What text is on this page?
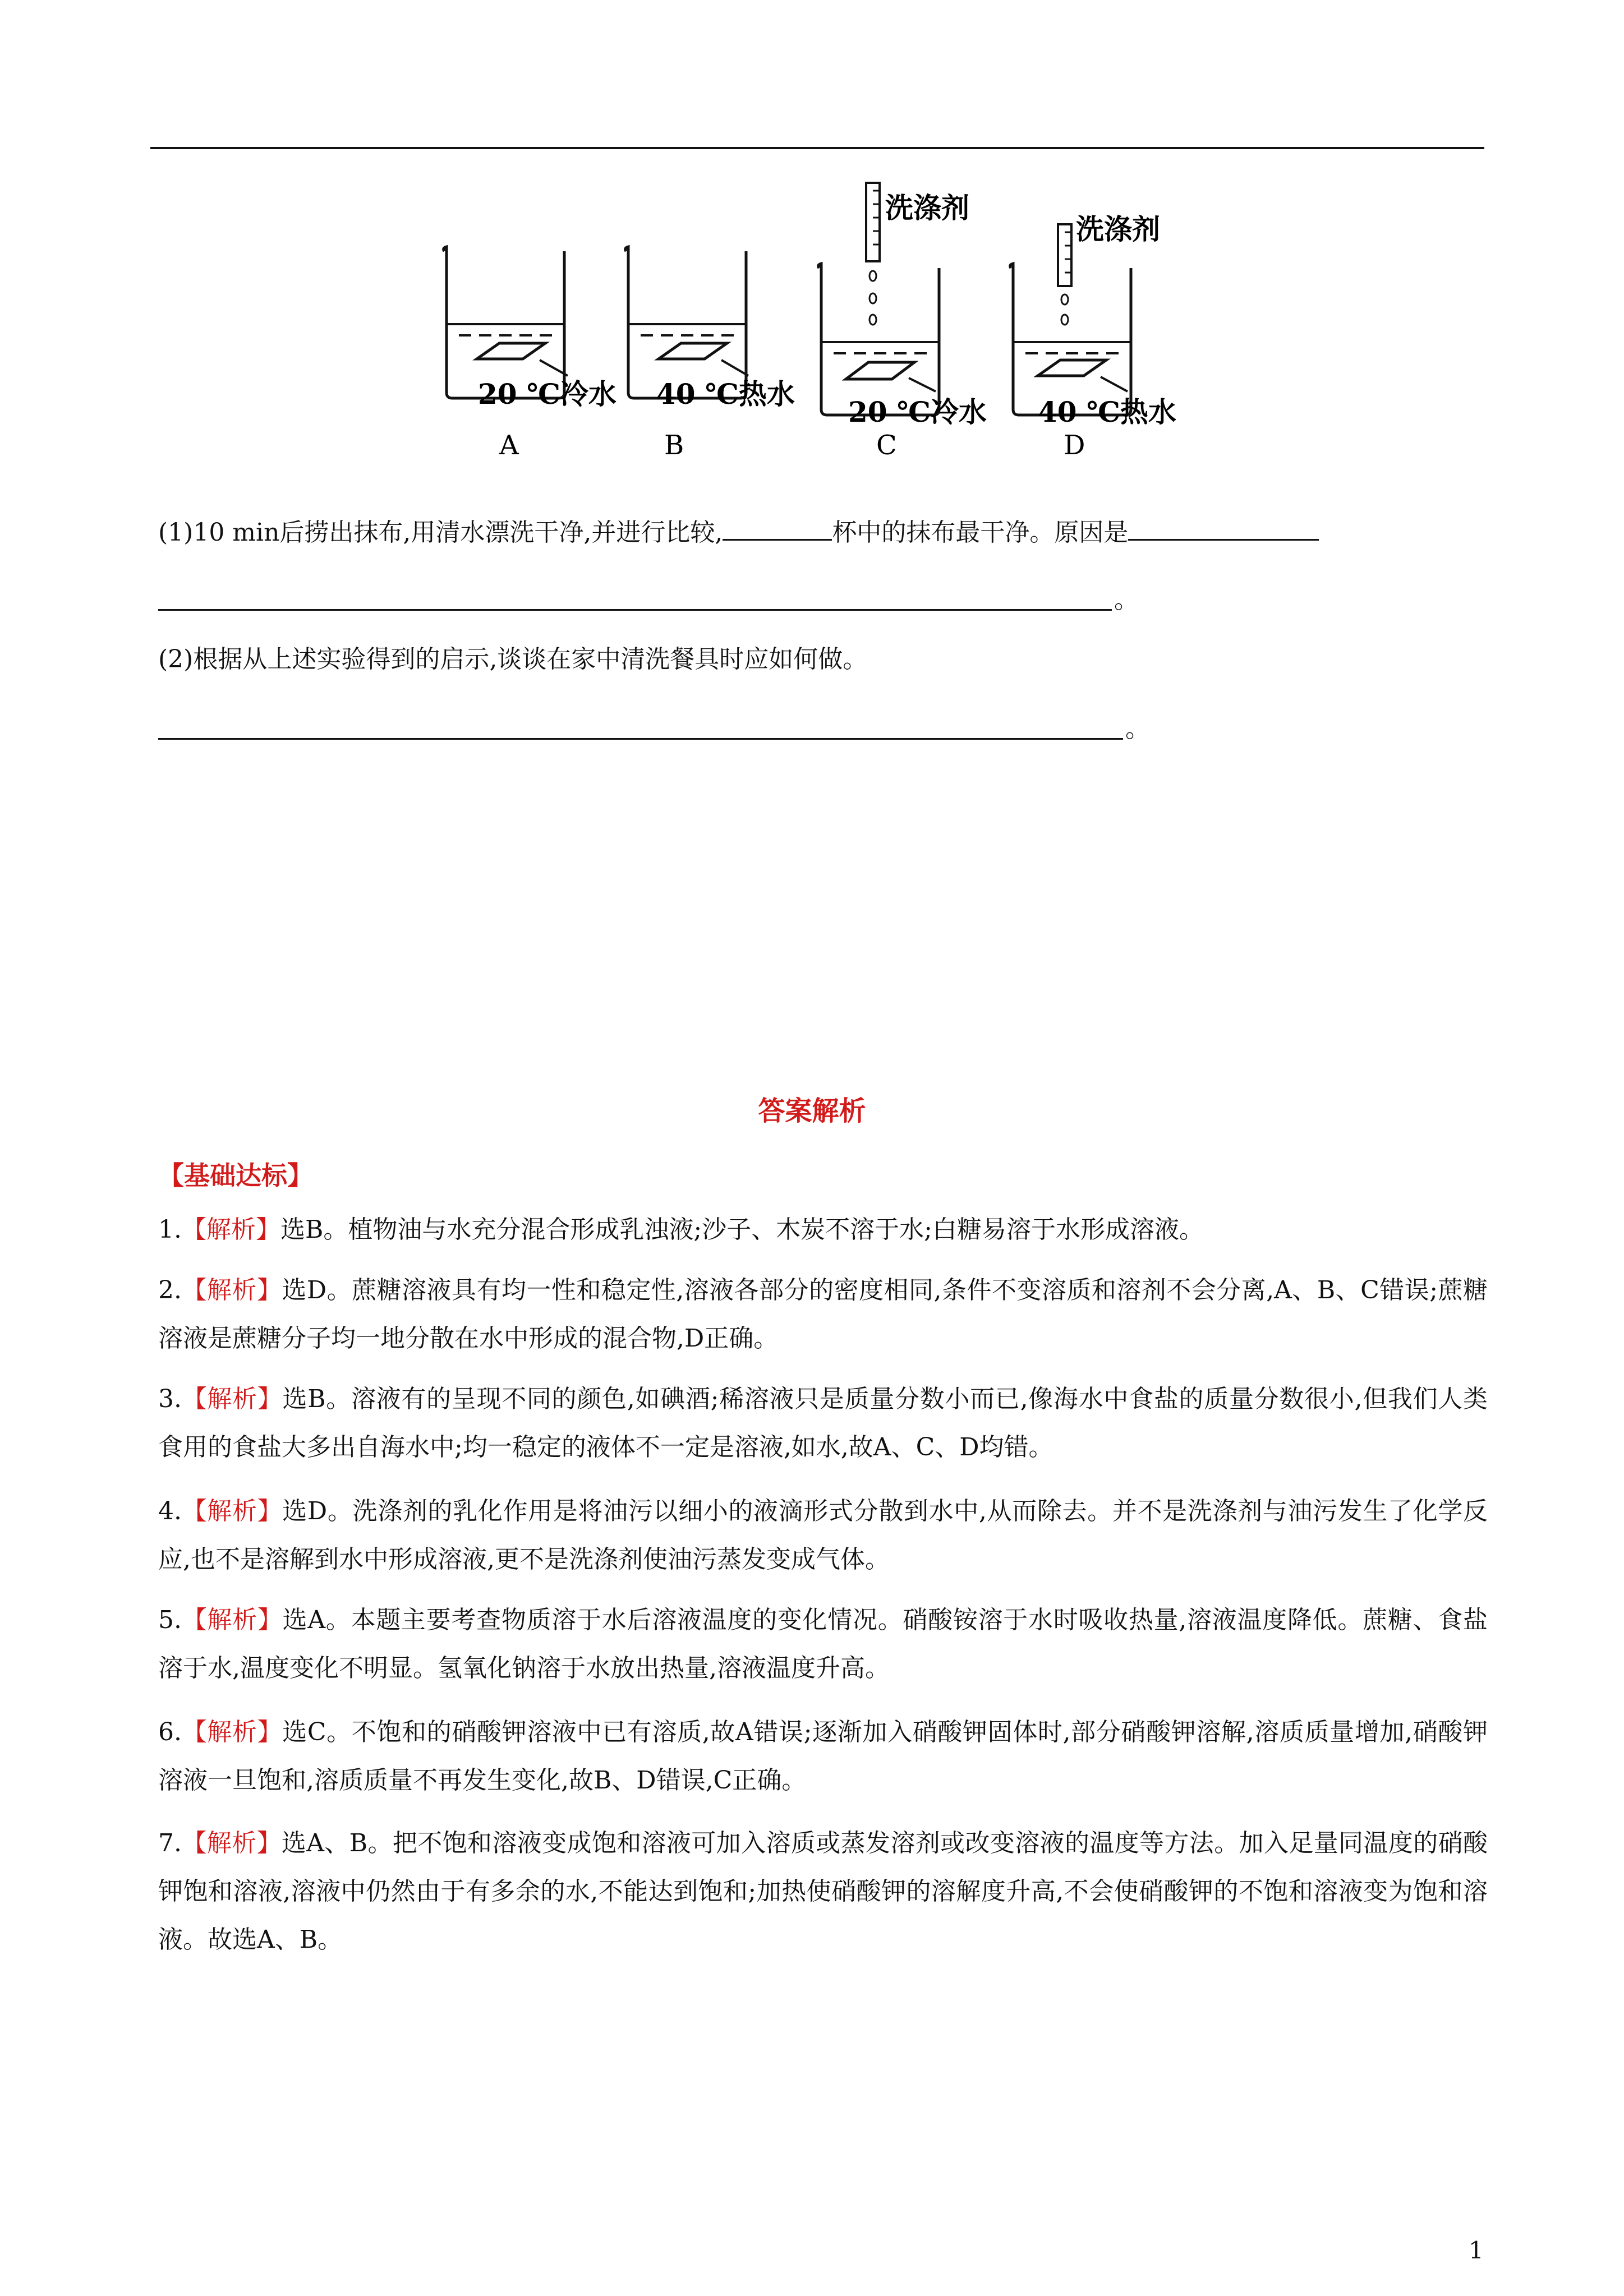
20 ℃冷水
A
40 ℃热水
B
洗涤剂
20 ℃冷水
C
洗涤剂
40 ℃热水
D
(1)10 min后捞出抹布,用清水漂洗干净,并进行比较,	杯中的抹布最干净。原因是
。
(2)根据从上述实验得到的启示,谈谈在家中清洗餐具时应如何做。
。
答案解析
【基础达标】
1.【解析】选B。植物油与水充分混合形成乳浊液;沙子、木炭不溶于水;白糖易溶于水形成溶液。
2.【解析】选D。蔗糖溶液具有均一性和稳定性,溶液各部分的密度相同,条件不变溶质和溶剂不会分离,A、B、C错误;蔗糖溶液是蔗糖分子均一地分散在水中形成的混合物,D正确。
3.【解析】选B。溶液有的呈现不同的颜色,如碘酒;稀溶液只是质量分数小而已,像海水中食盐的质量分数很小,但我们人类食用的食盐大多出自海水中;均一稳定的液体不一定是溶液,如水,故A、C、D均错。
4.【解析】选D。洗涤剂的乳化作用是将油污以细小的液滴形式分散到水中,从而除去。并不是洗涤剂与油污发生了化学反应,也不是溶解到水中形成溶液,更不是洗涤剂使油污蒸发变成气体。
5.【解析】选A。本题主要考查物质溶于水后溶液温度的变化情况。硝酸铵溶于水时吸收热量,溶液温度降低。蔗糖、食盐溶于水,温度变化不明显。氢氧化钠溶于水放出热量,溶液温度升高。
6.【解析】选C。不饱和的硝酸钾溶液中已有溶质,故A错误;逐渐加入硝酸钾固体时,部分硝酸钾溶解,溶质质量增加,硝酸钾溶液一旦饱和,溶质质量不再发生变化,故B、D错误,C正确。
7.【解析】选A、B。把不饱和溶液变成饱和溶液可加入溶质或蒸发溶剂或改变溶液的温度等方法。加入足量同温度的硝酸钾饱和溶液,溶液中仍然由于有多余的水,不能达到饱和;加热使硝酸钾的溶解度升高,不会使硝酸钾的不饱和溶液变为饱和溶液。故选A、B。
1
